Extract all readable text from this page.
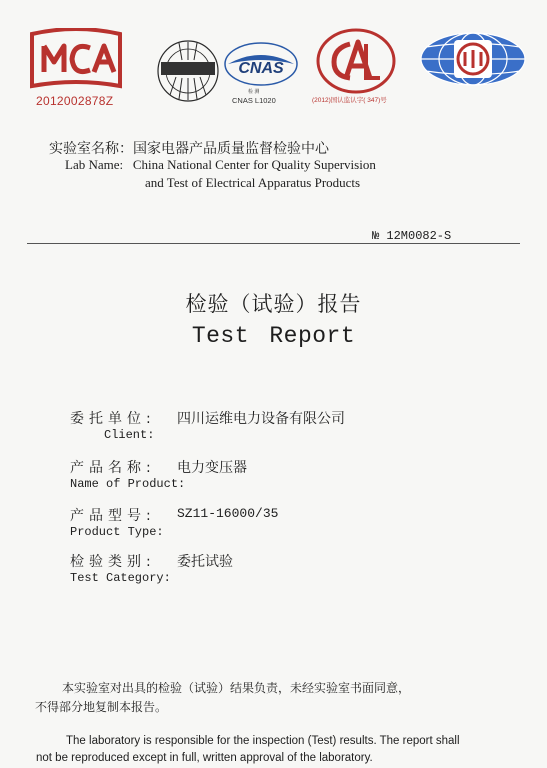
2012002878Z
CNAS
检 测
CNAS L1020	(2012)国认监认字( 347)号
实验室名称：国家电器产品质量监督检验中心
Lab Name:   China National Center for Quality Supervision
and Test of Electrical Apparatus Products
№ 12M0082-S
检验（试验）报告
Test Report
委托单位: 四川运维电力设备有限公司
Client:
产品名称: 电力变压器
Name of Product:
产品型号: SZ11-16000/35
Product Type:
检验类别: 委托试验
Test Category:
本实验室对出具的检验（试验）结果负责，未经实验室书面同意，
不得部分地复制本报告。
The laboratory is responsible for the inspection (Test) results. The report shall
not be reproduced except in full, written approval of the laboratory.
